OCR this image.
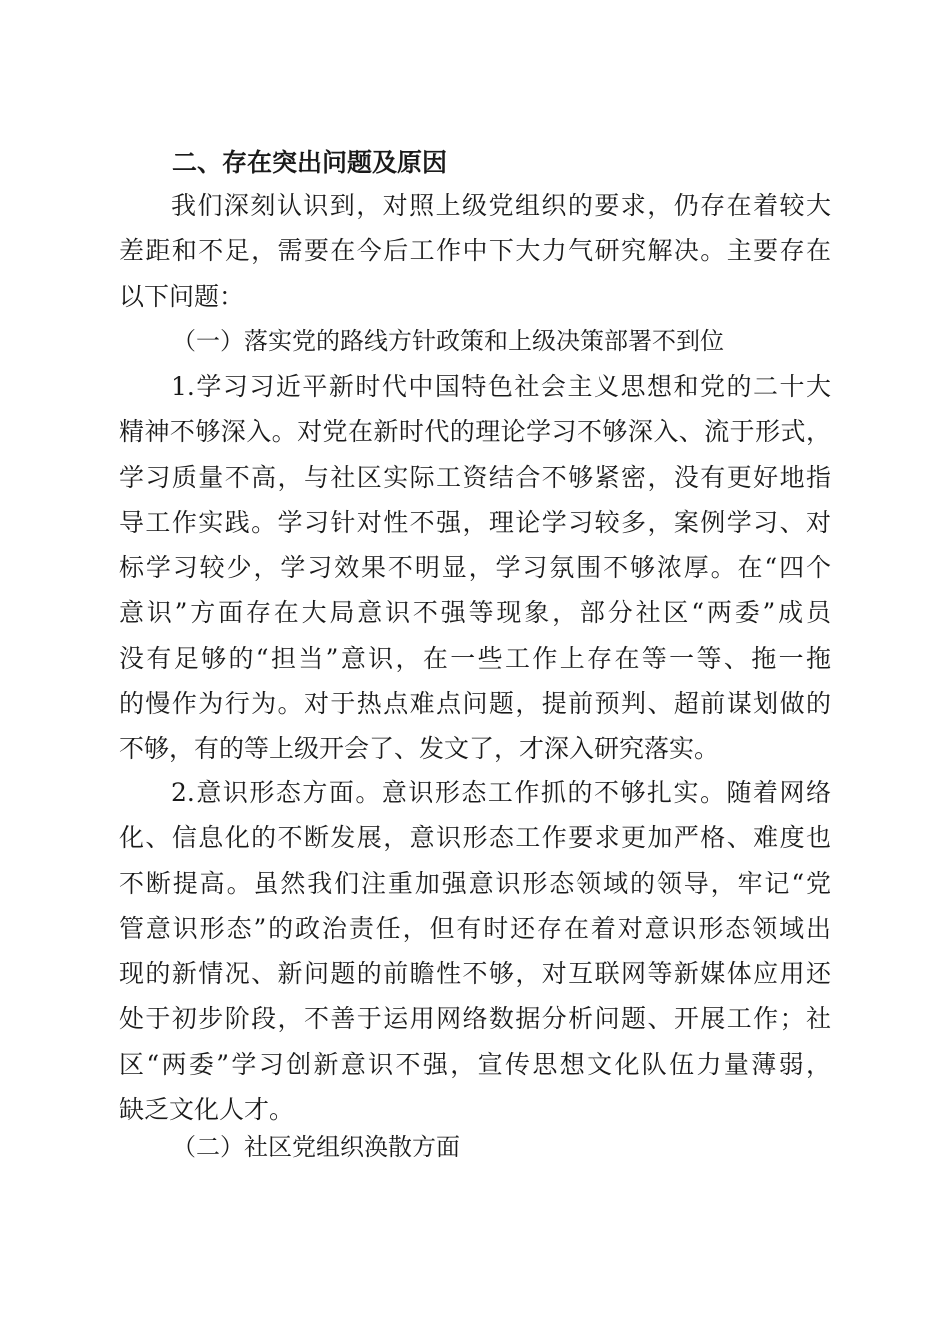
二、存在突出问题及原因
我们深刻认识到，对照上级党组织的要求，仍存在着较大
差距和不足，需要在今后工作中下大力气研究解决。主要存在
以下问题：
（一）落实党的路线方针政策和上级决策部署不到位
1.学习习近平新时代中国特色社会主义思想和党的二十大
精神不够深入。对党在新时代的理论学习不够深入、流于形式，
学习质量不高，与社区实际工资结合不够紧密，没有更好地指
导工作实践。学习针对性不强，理论学习较多，案例学习、对
标学习较少，学习效果不明显，学习氛围不够浓厚。在“四个
意识”方面存在大局意识不强等现象，部分社区“两委”成员
没有足够的“担当”意识，在一些工作上存在等一等、拖一拖
的慢作为行为。对于热点难点问题，提前预判、超前谋划做的
不够，有的等上级开会了、发文了，才深入研究落实。
2.意识形态方面。意识形态工作抓的不够扎实。随着网络
化、信息化的不断发展，意识形态工作要求更加严格、难度也
不断提高。虽然我们注重加强意识形态领域的领导，牢记“党
管意识形态”的政治责任，但有时还存在着对意识形态领域出
现的新情况、新问题的前瞻性不够，对互联网等新媒体应用还
处于初步阶段，不善于运用网络数据分析问题、开展工作；社
区“两委”学习创新意识不强，宣传思想文化队伍力量薄弱，
缺乏文化人才。
（二）社区党组织涣散方面
